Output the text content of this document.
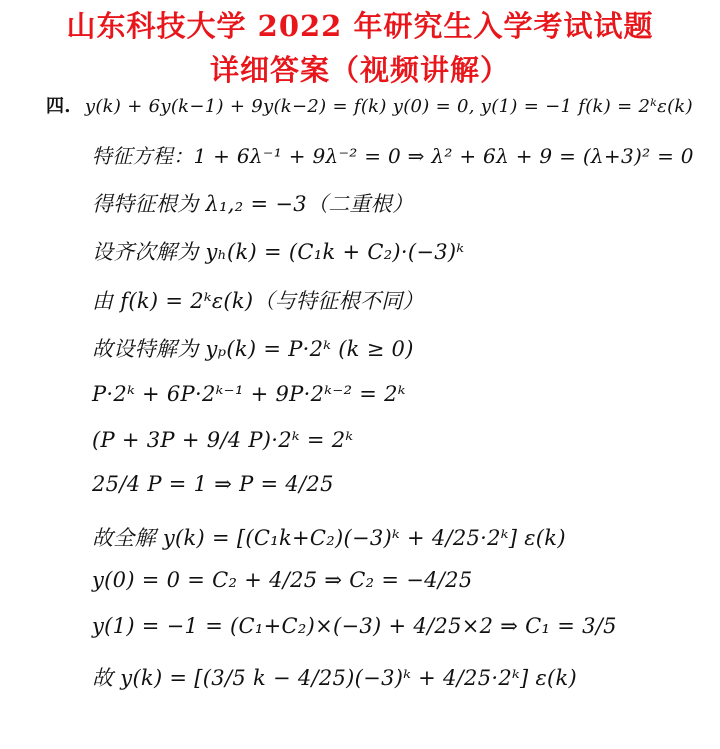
山东科技大学 2022 年研究生入学考试试题
详细答案（视频讲解）
四. y(k) + 6y(k−1) + 9y(k−2) = f(k) y(0) = 0, y(1) = −1 f(k) = 2ᵏε(k)
特征方程：1 + 6λ⁻¹ + 9λ⁻² = 0 ⇒ λ² + 6λ + 9 = (λ+3)² = 0
得特征根为 λ₁,₂ = −3（二重根）
设齐次解为 yₕ(k) = (C₁k + C₂)·(−3)ᵏ
由 f(k) = 2ᵏε(k)（与特征根不同）
故设特解为 yₚ(k) = P·2ᵏ (k ≥ 0)
P·2ᵏ + 6P·2ᵏ⁻¹ + 9P·2ᵏ⁻² = 2ᵏ
(P + 3P + 9/4 P)·2ᵏ = 2ᵏ
25/4 P = 1 ⇒ P = 4/25
故全解 y(k) = [(C₁k+C₂)(−3)ᵏ + 4/25·2ᵏ] ε(k)
y(0) = 0 = C₂ + 4/25 ⇒ C₂ = −4/25
y(1) = −1 = (C₁+C₂)×(−3) + 4/25×2 ⇒ C₁ = 3/5
故 y(k) = [(3/5 k − 4/25)(−3)ᵏ + 4/25·2ᵏ] ε(k)
